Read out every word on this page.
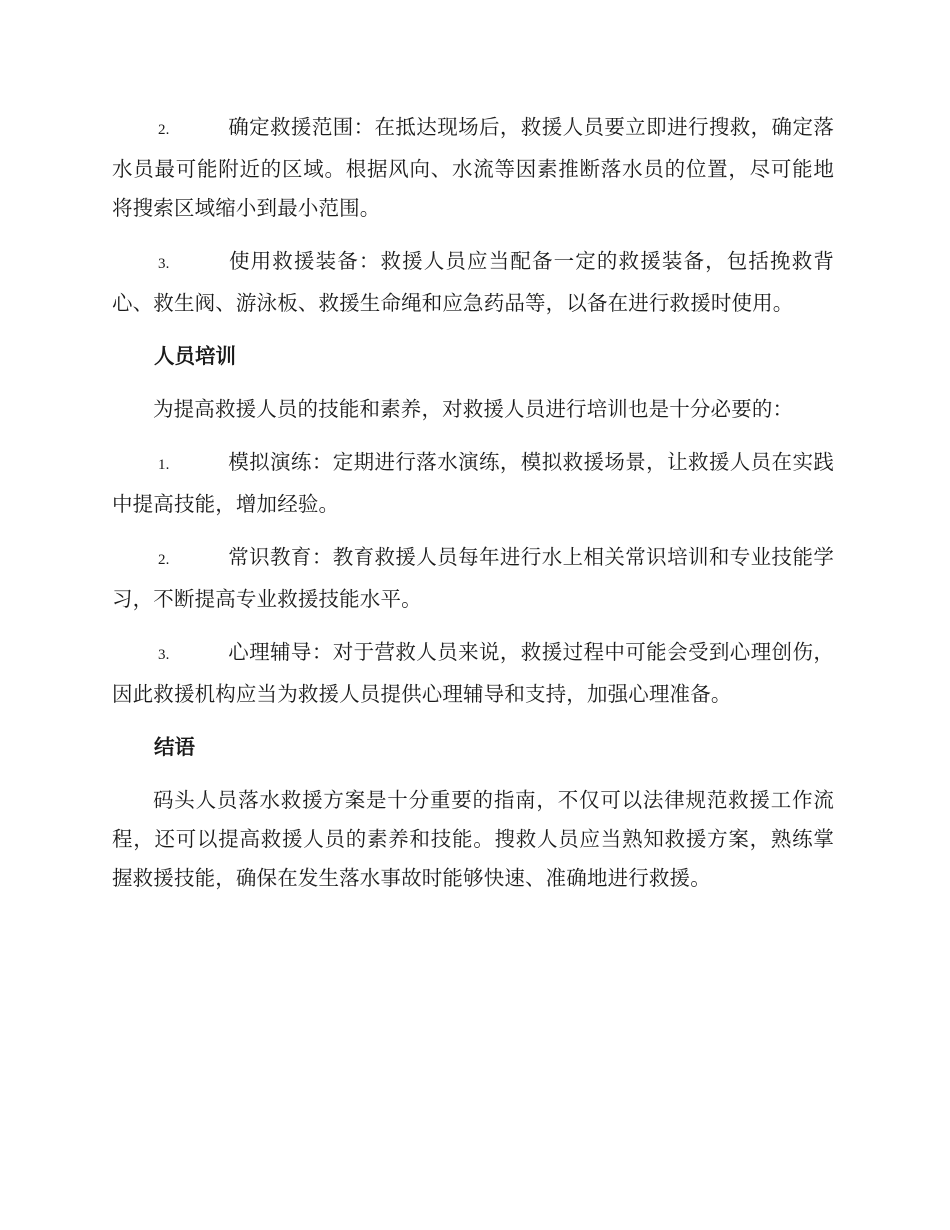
2.	确定救援范围：在抵达现场后，救援人员要立即进行搜救，确定落水员最可能附近的区域。根据风向、水流等因素推断落水员的位置，尽可能地将搜索区域缩小到最小范围。
3.	使用救援装备：救援人员应当配备一定的救援装备，包括挽救背心、救生阀、游泳板、救援生命绳和应急药品等，以备在进行救援时使用。
人员培训

为提高救援人员的技能和素养，对救援人员进行培训也是十分必要的：

1.	模拟演练：定期进行落水演练，模拟救援场景，让救援人员在实践中提高技能，增加经验。
2.	常识教育：教育救援人员每年进行水上相关常识培训和专业技能学习，不断提高专业救援技能水平。
3.	心理辅导：对于营救人员来说，救援过程中可能会受到心理创伤，因此救援机构应当为救援人员提供心理辅导和支持，加强心理准备。
结语

码头人员落水救援方案是十分重要的指南，不仅可以法律规范救援工作流程，还可以提高救援人员的素养和技能。搜救人员应当熟知救援方案，熟练掌握救援技能，确保在发生落水事故时能够快速、准确地进行救援。
